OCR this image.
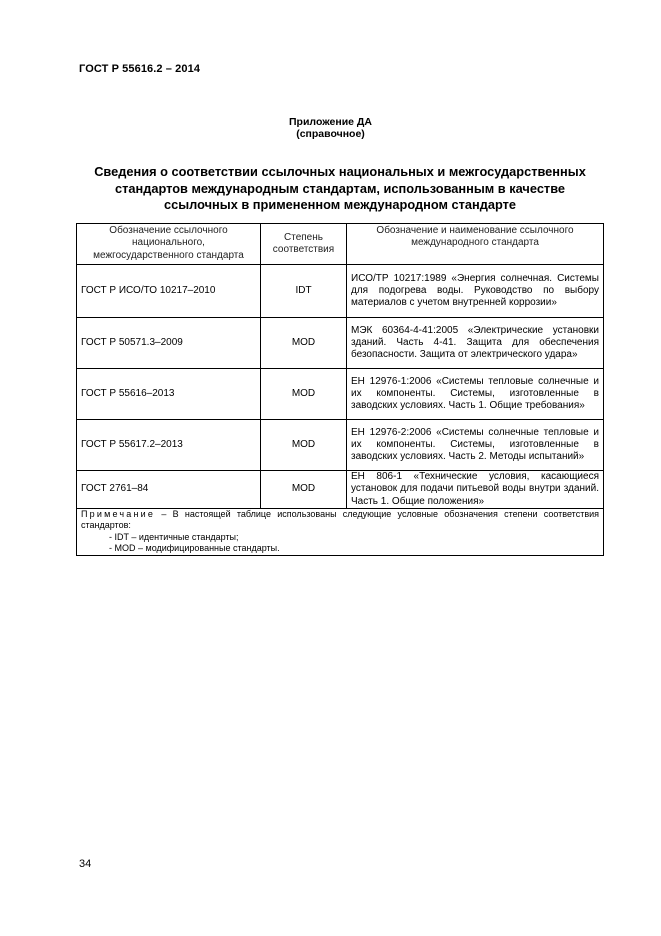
ГОСТ Р 55616.2 – 2014
Приложение ДА
(справочное)
Сведения о соответствии ссылочных национальных и межгосударственных
стандартов международным стандартам, использованным в качестве
ссылочных в примененном международном стандарте
Обозначение ссылочного национального, межгосударственного стандарта	Степень соответствия	Обозначение и наименование ссылочного международного стандарта
ГОСТ Р ИСО/ТО 10217–2010	IDT	ИСО/ТР 10217:1989 «Энергия солнечная. Системы для подогрева воды. Руководство по выбору материалов с учетом внутренней коррозии»
ГОСТ Р 50571.3–2009	MOD	МЭК 60364-4-41:2005 «Электрические установки зданий. Часть 4-41. Защита для обеспечения безопасности. Защита от электрического удара»
ГОСТ Р 55616–2013	MOD	ЕН 12976-1:2006 «Системы тепловые солнечные и их компоненты. Системы, изготовленные в заводских условиях. Часть 1. Общие требования»
ГОСТ Р 55617.2–2013	MOD	ЕН 12976-2:2006 «Системы солнечные тепловые и их компоненты. Системы, изготовленные в заводских условиях. Часть 2. Методы испытаний»
ГОСТ 2761–84	MOD	ЕН 806-1 «Технические условия, касающиеся установок для подачи питьевой воды внутри зданий. Часть 1. Общие положения»
Примечание – В настоящей таблице использованы следующие условные обозначения степени соответствия стандартов:
- IDT – идентичные стандарты;
- MOD – модифицированные стандарты.		
34
